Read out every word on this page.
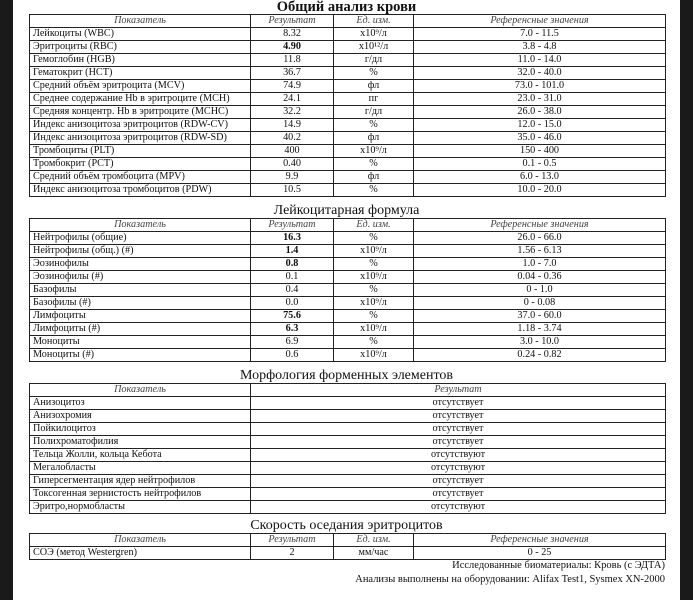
Общий анализ крови
Показатель	Результат	Ед. изм.	Референсные значения
Лейкоциты (WBC)	8.32	x10⁹/л	7.0 - 11.5
Эритроциты (RBC)	4.90	x10¹²/л	3.8 - 4.8
Гемоглобин (HGB)	11.8	г/дл	11.0 - 14.0
Гематокрит (HCT)	36.7	%	32.0 - 40.0
Средний объём эритроцита (MCV)	74.9	фл	73.0 - 101.0
Среднее содержание Hb в эритроците (MCH)	24.1	пг	23.0 - 31.0
Средняя концентр. Hb в эритроците (MCHC)	32.2	г/дл	26.0 - 38.0
Индекс анизоцитоза эритроцитов (RDW-CV)	14.9	%	12.0 - 15.0
Индекс анизоцитоза эритроцитов (RDW-SD)	40.2	фл	35.0 - 46.0
Тромбоциты (PLT)	400	x10⁹/л	150 - 400
Тромбокрит (PCT)	0.40	%	0.1 - 0.5
Средний объём тромбоцита (MPV)	9.9	фл	6.0 - 13.0
Индекс анизоцитоза тромбоцитов (PDW)	10.5	%	10.0 - 20.0
Лейкоцитарная формула
Показатель	Результат	Ед. изм.	Референсные значения
Нейтрофилы (общие)	16.3	%	26.0 - 66.0
Нейтрофилы (общ.) (#)	1.4	x10⁹/л	1.56 - 6.13
Эозинофилы	0.8	%	1.0 - 7.0
Эозинофилы (#)	0.1	x10⁹/л	0.04 - 0.36
Базофилы	0.4	%	0 - 1.0
Базофилы (#)	0.0	x10⁹/л	0 - 0.08
Лимфоциты	75.6	%	37.0 - 60.0
Лимфоциты (#)	6.3	x10⁹/л	1.18 - 3.74
Моноциты	6.9	%	3.0 - 10.0
Моноциты (#)	0.6	x10⁹/л	0.24 - 0.82
Морфология форменных элементов
Показатель	Результат
Анизоцитоз	отсутствует
Анизохромия	отсутствует
Пойкилоцитоз	отсутствует
Полихроматофилия	отсутствует
Тельца Жолли, кольца Кебота	отсутствуют
Мегалобласты	отсутствуют
Гиперсегментация ядер нейтрофилов	отсутствует
Токсогенная зернистость нейтрофилов	отсутствует
Эритро,нормобласты	отсутствуют
Скорость оседания эритроцитов
Показатель	Результат	Ед. изм.	Референсные значения
СОЭ (метод Westergren)	2	мм/час	0 - 25
Исследованные биоматериалы: Кровь (с ЭДТА)
Анализы выполнены на оборудовании: Alifax Test1, Sysmex XN-2000
